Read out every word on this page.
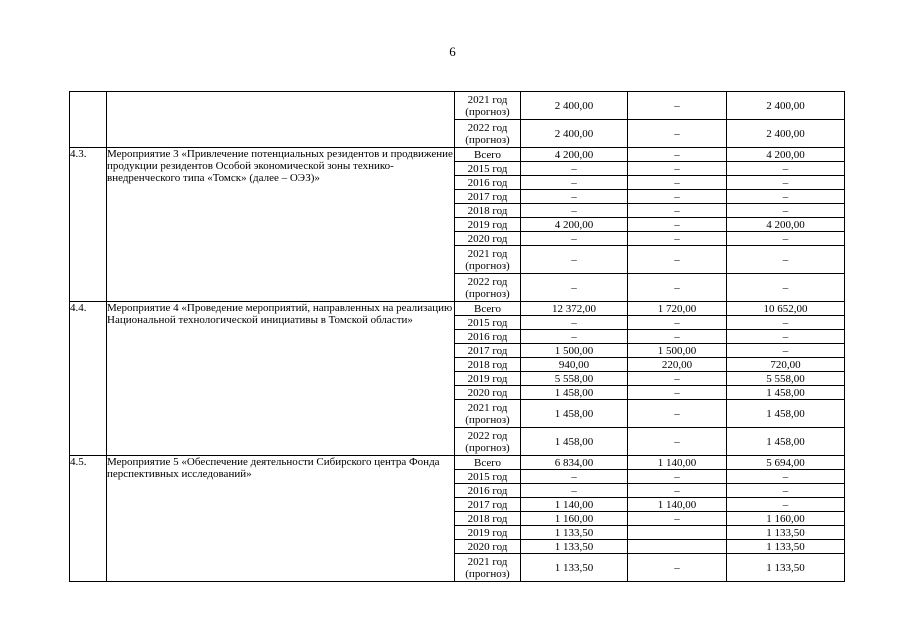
6
		2021 год (прогноз)	2 400,00	–	2 400,00
		2022 год (прогноз)	2 400,00	–	2 400,00
4.3.	Мероприятие 3 «Привлечение потенциальных резидентов и продвижение продукции резидентов Особой экономической зоны технико-внедренческого типа «Томск» (далее – ОЭЗ)»	Всего	4 200,00	–	4 200,00
		2015 год	–	–	–
		2016 год	–	–	–
		2017 год	–	–	–
		2018 год	–	–	–
		2019 год	4 200,00	–	4 200,00
		2020 год	–	–	–
		2021 год (прогноз)	–	–	–
		2022 год (прогноз)	–	–	–
4.4.	Мероприятие 4 «Проведение мероприятий, направленных на реализацию Национальной технологической инициативы в Томской области»	Всего	12 372,00	1 720,00	10 652,00
		2015 год	–	–	–
		2016 год	–	–	–
		2017 год	1 500,00	1 500,00	–
		2018 год	940,00	220,00	720,00
		2019 год	5 558,00	–	5 558,00
		2020 год	1 458,00	–	1 458,00
		2021 год (прогноз)	1 458,00	–	1 458,00
		2022 год (прогноз)	1 458,00	–	1 458,00
4.5.	Мероприятие 5 «Обеспечение деятельности Сибирского центра Фонда перспективных исследований»	Всего	6 834,00	1 140,00	5 694,00
		2015 год	–	–	–
		2016 год	–	–	–
		2017 год	1 140,00	1 140,00	–
		2018 год	1 160,00	–	1 160,00
		2019 год	1 133,50		1 133,50
		2020 год	1 133,50		1 133,50
		2021 год (прогноз)	1 133,50	–	1 133,50
